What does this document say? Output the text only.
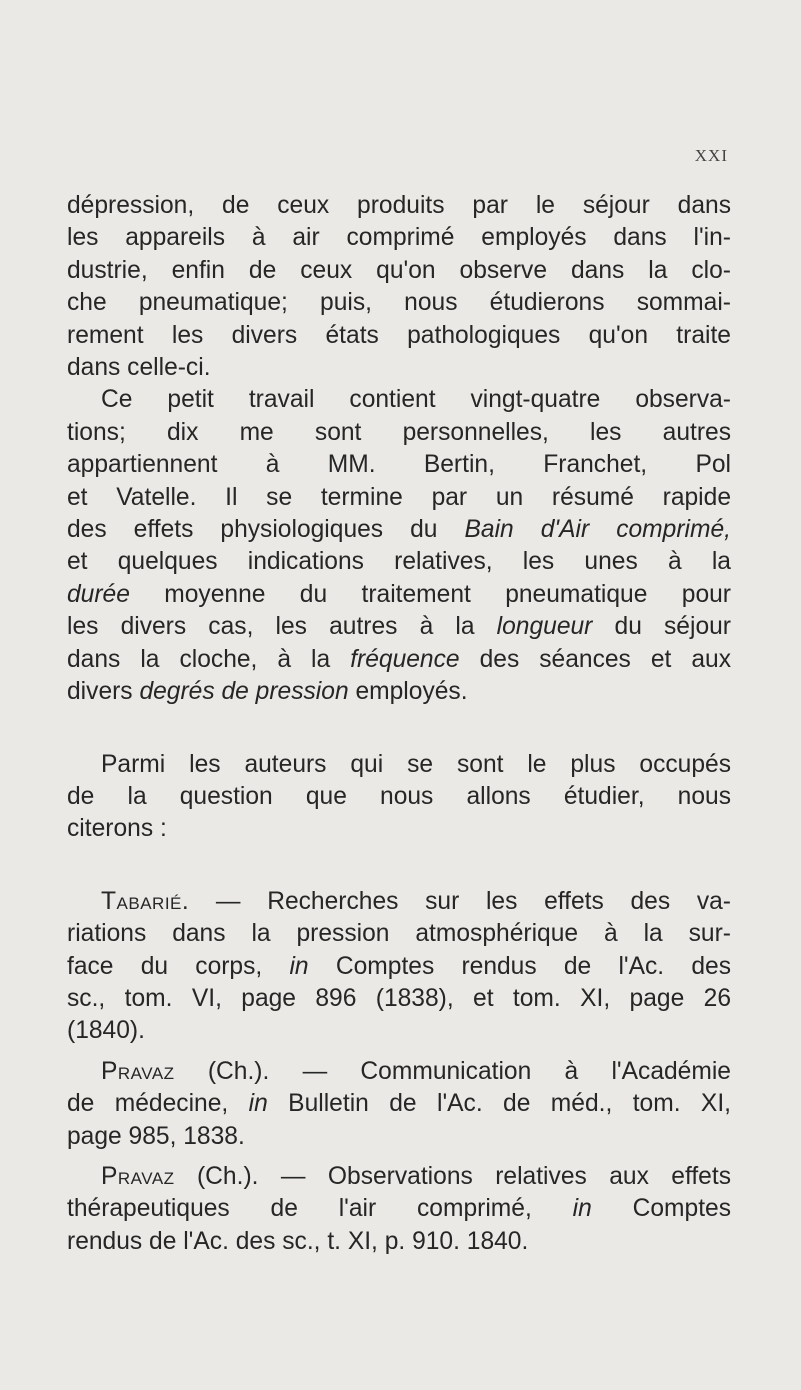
XXI
dépression, de ceux produits par le séjour dans
les appareils à air comprimé employés dans l'in-
dustrie, enfin de ceux qu'on observe dans la clo-
che pneumatique; puis, nous étudierons sommai-
rement les divers états pathologiques qu'on traite
dans celle-ci.
Ce petit travail contient vingt-quatre observa-
tions; dix me sont personnelles, les autres
appartiennent à MM. Bertin, Franchet, Pol
et Vatelle. Il se termine par un résumé rapide
des effets physiologiques du Bain d'Air comprimé,
et quelques indications relatives, les unes à la
durée moyenne du traitement pneumatique pour
les divers cas, les autres à la longueur du séjour
dans la cloche, à la fréquence des séances et aux
divers degrés de pression employés.
Parmi les auteurs qui se sont le plus occupés
de la question que nous allons étudier, nous
citerons :
Tabarié. — Recherches sur les effets des va-
riations dans la pression atmosphérique à la sur-
face du corps, in Comptes rendus de l'Ac. des
sc., tom. VI, page 896 (1838), et tom. XI, page 26
(1840).
Pravaz (Ch.). — Communication à l'Académie
de médecine, in Bulletin de l'Ac. de méd., tom. XI,
page 985, 1838.
Pravaz (Ch.). — Observations relatives aux effets
thérapeutiques de l'air comprimé, in Comptes
rendus de l'Ac. des sc., t. XI, p. 910. 1840.
